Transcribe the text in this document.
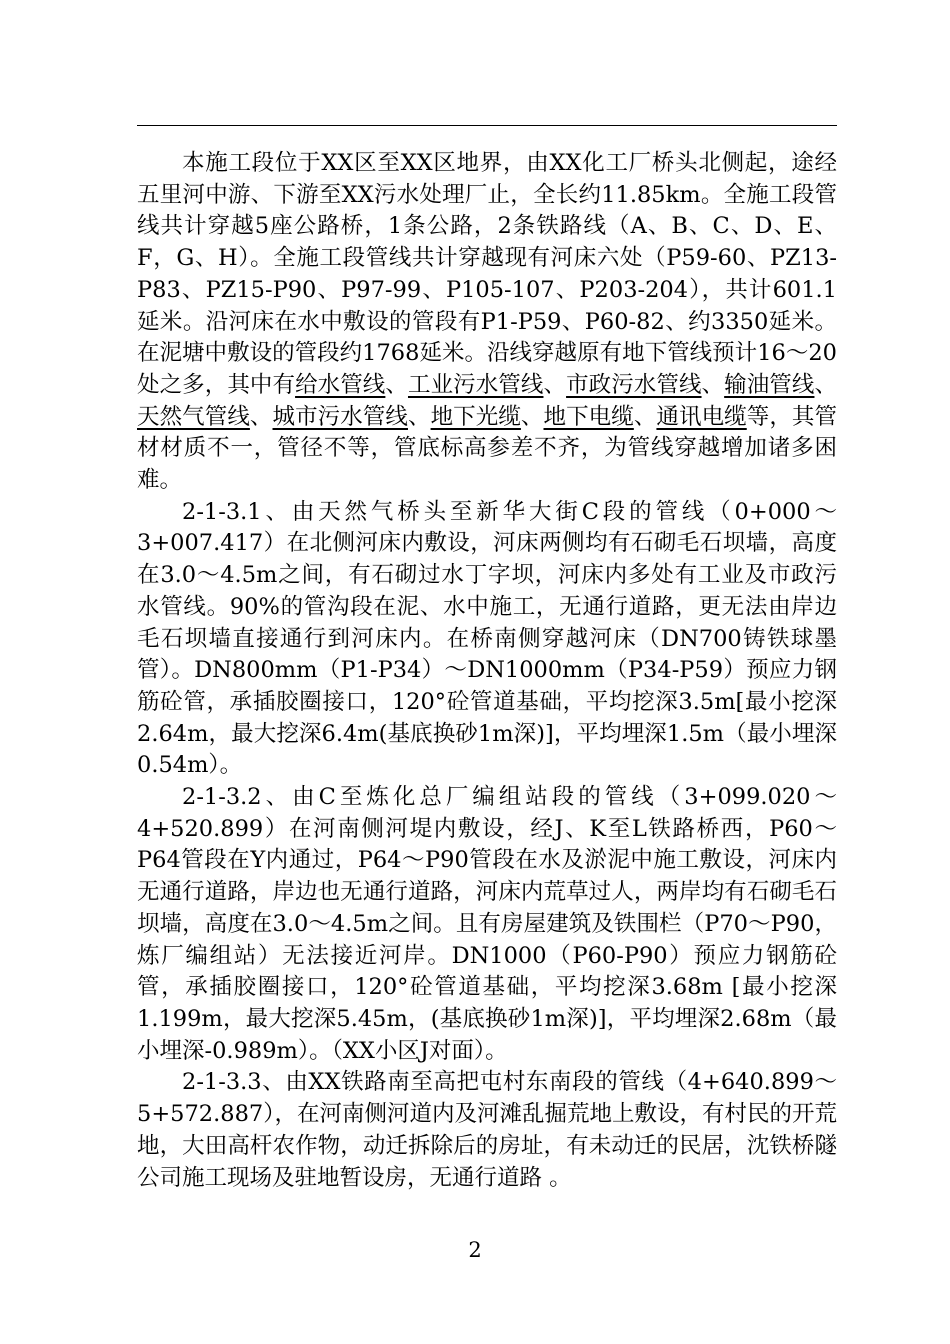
本施工段位于XX区至XX区地界，由XX化工厂桥头北侧起，途经五里河中游、下游至XX污水处理厂止，全长约11.85km。全施工段管线共计穿越5座公路桥，1条公路，2条铁路线（A、B、C、D、E、F，G、H）。全施工段管线共计穿越现有河床六处（P59-60、PZ13-P83、PZ15-P90、P97-99、P105-107、P203-204），共计601.1延米。沿河床在水中敷设的管段有P1-P59、P60-82、约3350延米。在泥塘中敷设的管段约1768延米。沿线穿越原有地下管线预计16～20处之多，其中有给水管线、工业污水管线、市政污水管线、输油管线、天然气管线、城市污水管线、地下光缆、地下电缆、通讯电缆等，其管材材质不一，管径不等，管底标高参差不齐，为管线穿越增加诸多困难。

2-1-3.1、由天然气桥头至新华大街C段的管线（0+000～3+007.417）在北侧河床内敷设，河床两侧均有石砌毛石坝墙，高度在3.0～4.5m之间，有石砌过水丁字坝，河床内多处有工业及市政污水管线。90%的管沟段在泥、水中施工，无通行道路，更无法由岸边毛石坝墙直接通行到河床内。在桥南侧穿越河床（DN700铸铁球墨管）。DN800mm（P1-P34）～DN1000mm（P34-P59）预应力钢筋砼管，承插胶圈接口，120°砼管道基础，平均挖深3.5m[最小挖深2.64m，最大挖深6.4m(基底换砂1m深)]，平均埋深1.5m（最小埋深0.54m）。

2-1-3.2、由C至炼化总厂编组站段的管线（3+099.020～4+520.899）在河南侧河堤内敷设，经J、K至L铁路桥西，P60～P64管段在Y内通过，P64～P90管段在水及淤泥中施工敷设，河床内无通行道路，岸边也无通行道路，河床内荒草过人，两岸均有石砌毛石坝墙，高度在3.0～4.5m之间。且有房屋建筑及铁围栏（P70～P90，炼厂编组站）无法接近河岸。DN1000（P60-P90）预应力钢筋砼管，承插胶圈接口，120°砼管道基础，平均挖深3.68m [最小挖深1.199m，最大挖深5.45m，(基底换砂1m深)]，平均埋深2.68m（最小埋深-0.989m）。（XX小区J对面）。

2-1-3.3、由XX铁路南至高把屯村东南段的管线（4+640.899～5+572.887），在河南侧河道内及河滩乱掘荒地上敷设，有村民的开荒地，大田高杆农作物，动迁拆除后的房址，有未动迁的民居，沈铁桥隧公司施工现场及驻地暂设房，无通行道路 。

2
